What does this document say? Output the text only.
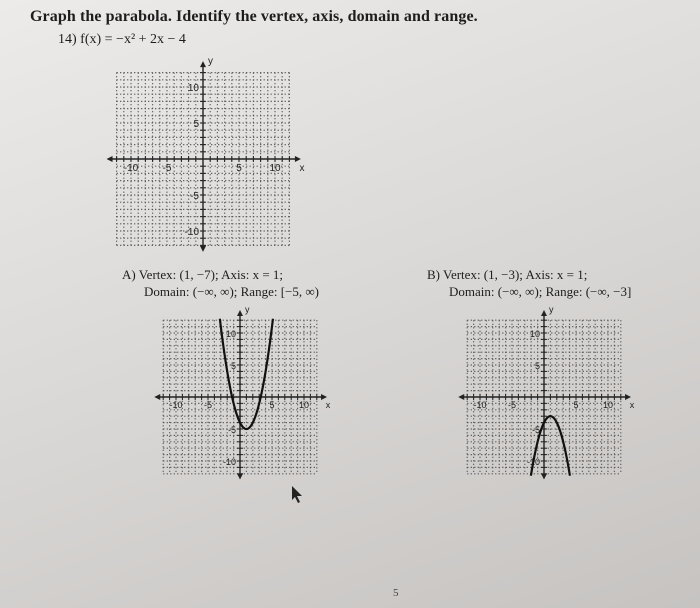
Graph the parabola. Identify the vertex, axis, domain and range.
14) f(x) = −x² + 2x − 4
-10 -5	5	10 x
10
5
-5
-10
y
A) Vertex: (1, −7); Axis: x = 1;
Domain: (−∞, ∞); Range: [−5, ∞)
-10 -5	5	10 x
10
5
-5
-10
y
B) Vertex: (1, −3); Axis: x = 1;
Domain: (−∞, ∞); Range: (−∞, −3]
-10 -5	5	10 x
10
5
-5
-10
y
5
